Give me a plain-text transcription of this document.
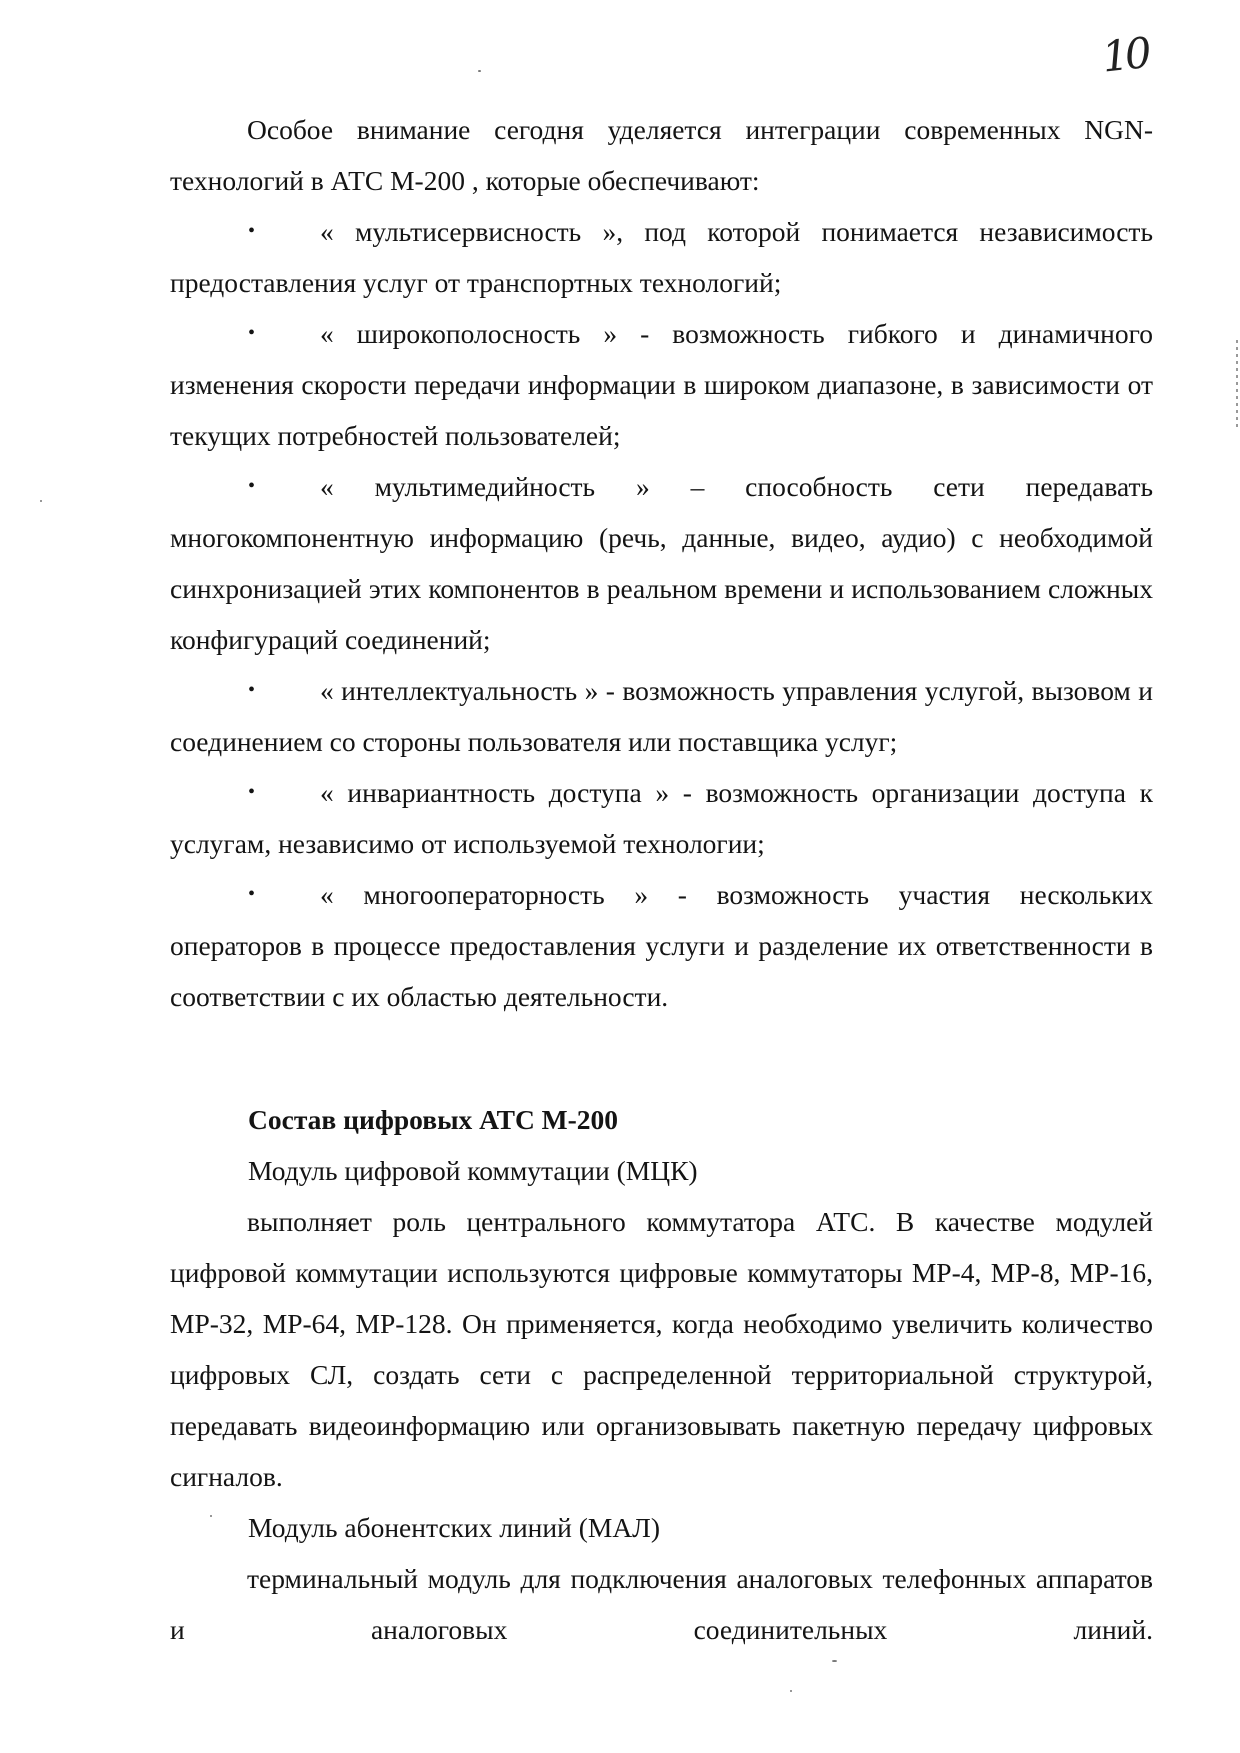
10

Особое внимание сегодня уделяется интеграции современных NGN-технологий в АТС М-200 , которые обеспечивают:

• « мультисервисность », под которой понимается независимость предоставления услуг от транспортных технологий;

• « широкополосность » - возможность гибкого и динамичного изменения скорости передачи информации в широком диапазоне, в зависимости от текущих потребностей пользователей;

• « мультимедийность » – способность сети передавать многокомпонентную информацию (речь, данные, видео, аудио) с необходимой синхронизацией этих компонентов в реальном времени и использованием сложных конфигураций соединений;

• « интеллектуальность » - возможность управления услугой, вызовом и соединением со стороны пользователя или поставщика услуг;

• « инвариантность доступа » - возможность организации доступа к услугам, независимо от используемой технологии;

• « многооператорность » - возможность участия нескольких операторов в процессе предоставления услуги и разделение их ответственности в соответствии с их областью деятельности.

Состав цифровых АТС М-200

Модуль цифровой коммутации (МЦК)

выполняет роль центрального коммутатора АТС. В качестве модулей цифровой коммутации используются цифровые коммутаторы МР-4, МР-8, МР-16, МР-32, МР-64, МР-128. Он применяется, когда необходимо увеличить количество цифровых СЛ, создать сети с распределенной территориальной структурой, передавать видеоинформацию или организовывать пакетную передачу цифровых сигналов.

Модуль абонентских линий (МАЛ)

терминальный модуль для подключения аналоговых телефонных аппаратов и аналоговых соединительных линий.
